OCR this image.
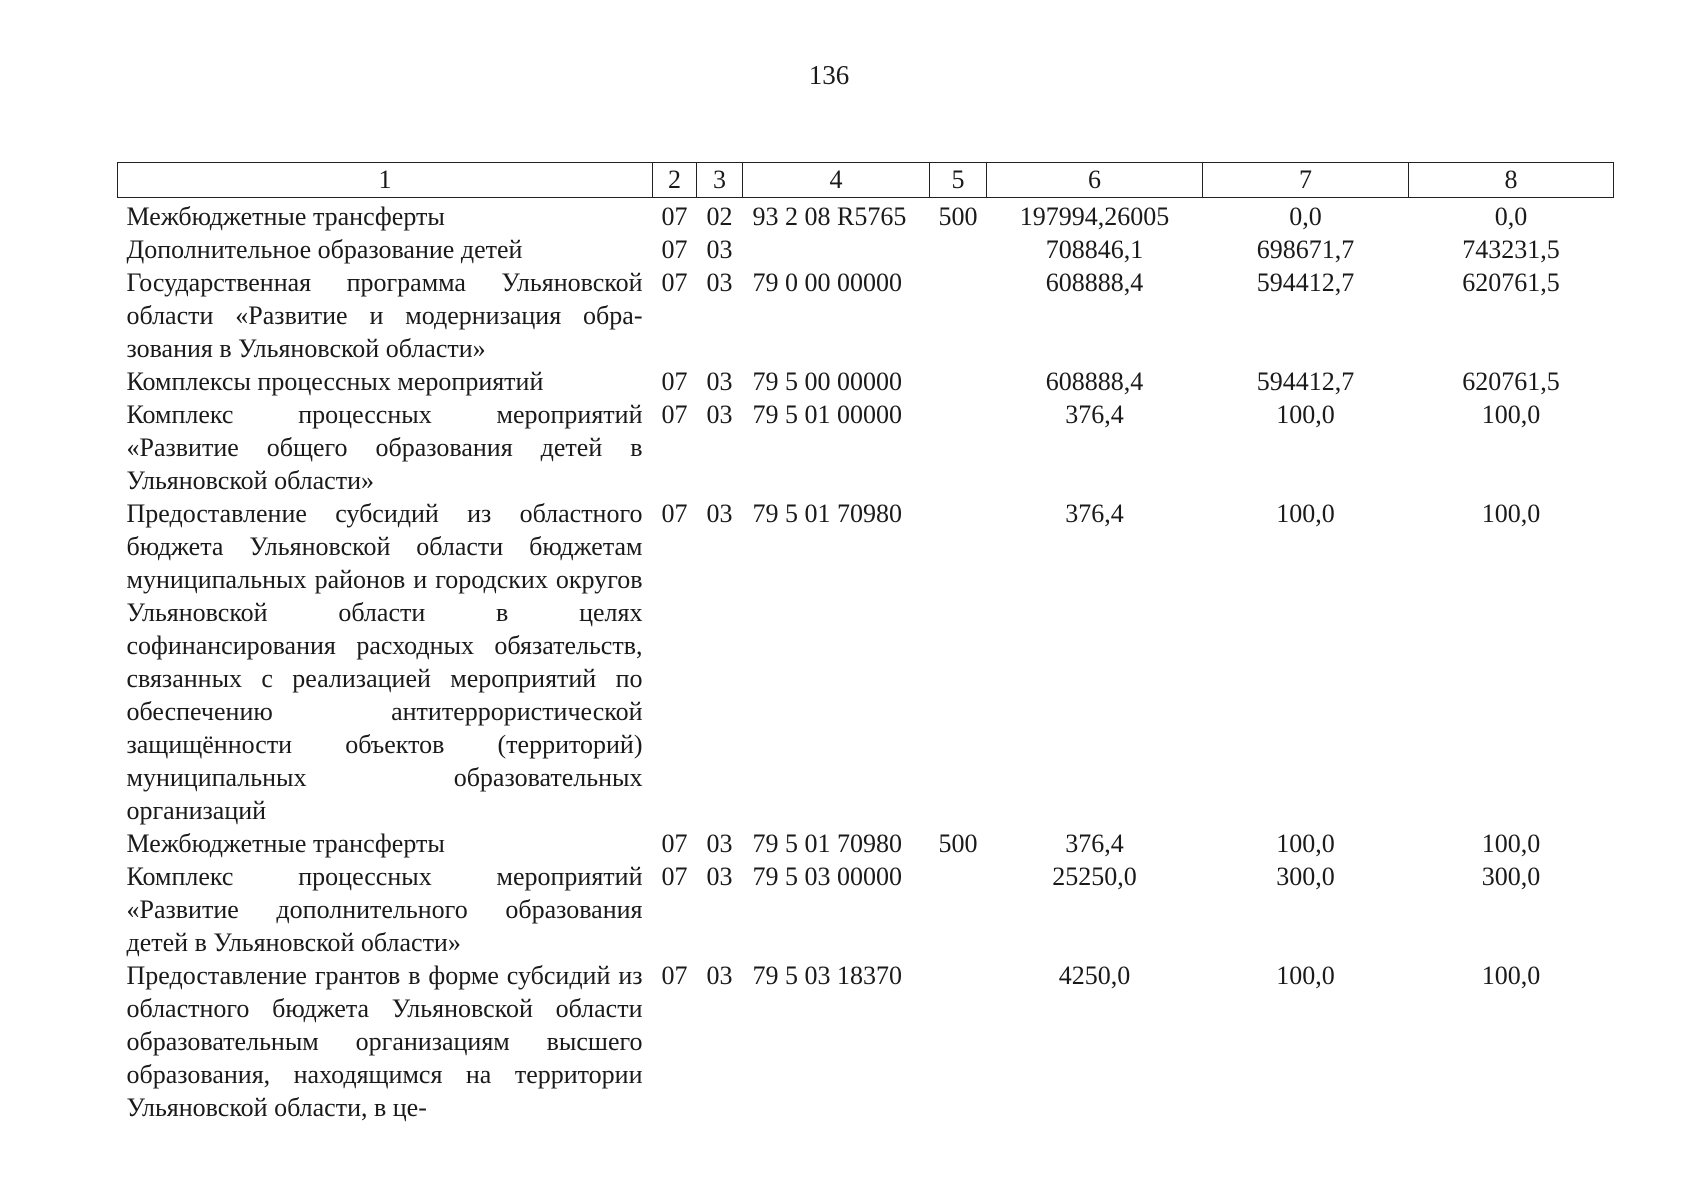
136
1	2	3	4	5	6	7	8
Межбюджетные трансферты	07	02	93 2 08 R5765	500	197994,26005	0,0	0,0
Дополнительное образование детей	07	03			708846,1	698671,7	743231,5
Государственная программа Ульяновской области «Развитие и модернизация образования в Ульяновской области»	07	03	79 0 00 00000		608888,4	594412,7	620761,5
Комплексы процессных мероприятий	07	03	79 5 00 00000		608888,4	594412,7	620761,5
Комплекс процессных мероприятий «Развитие общего образования детей в Ульяновской области»	07	03	79 5 01 00000		376,4	100,0	100,0
Предоставление субсидий из областного бюджета Ульяновской области бюджетам муниципальных районов и городских округов Ульяновской области в целях софинансирования расходных обязательств, связанных с реализацией мероприятий по обеспечению антитеррористической защищённости объектов (территорий) муниципальных образовательных организаций	07	03	79 5 01 70980		376,4	100,0	100,0
Межбюджетные трансферты	07	03	79 5 01 70980	500	376,4	100,0	100,0
Комплекс процессных мероприятий «Развитие дополнительного образования детей в Ульяновской области»	07	03	79 5 03 00000		25250,0	300,0	300,0
Предоставление грантов в форме субсидий из областного бюджета Ульяновской области образовательным организациям высшего образования, находящимся на территории Ульяновской области, в це-	07	03	79 5 03 18370		4250,0	100,0	100,0
